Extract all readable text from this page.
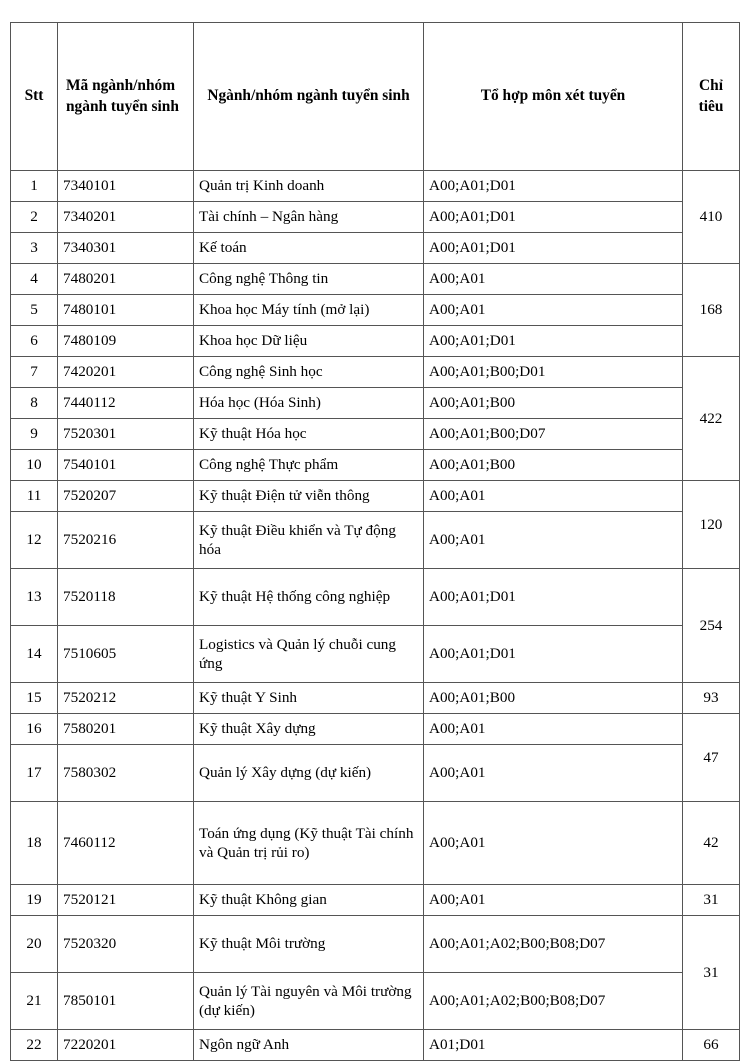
Stt	Mã ngành/nhóm ngành tuyển sinh	Ngành/nhóm ngành tuyển sinh	Tổ hợp môn xét tuyển	Chỉ tiêu
1	7340101	Quản trị Kinh doanh	A00;A01;D01	410
2	7340201	Tài chính – Ngân hàng	A00;A01;D01	
3	7340301	Kế toán	A00;A01;D01	
4	7480201	Công nghệ Thông tin	A00;A01	168
5	7480101	Khoa học Máy tính (mở lại)	A00;A01	
6	7480109	Khoa học Dữ liệu	A00;A01;D01	
7	7420201	Công nghệ Sinh học	A00;A01;B00;D01	422
8	7440112	Hóa học (Hóa Sinh)	A00;A01;B00	
9	7520301	Kỹ thuật Hóa học	A00;A01;B00;D07	
10	7540101	Công nghệ Thực phẩm	A00;A01;B00	
11	7520207	Kỹ thuật Điện tử viễn thông	A00;A01	120
12	7520216	Kỹ thuật Điều khiển và Tự động hóa	A00;A01	
13	7520118	Kỹ thuật Hệ thống công nghiệp	A00;A01;D01	254
14	7510605	Logistics và Quản lý chuỗi cung ứng	A00;A01;D01	
15	7520212	Kỹ thuật Y Sinh	A00;A01;B00	93
16	7580201	Kỹ thuật Xây dựng	A00;A01	47
17	7580302	Quản lý Xây dựng (dự kiến)	A00;A01	
18	7460112	Toán ứng dụng (Kỹ thuật Tài chính và Quản trị rủi ro)	A00;A01	42
19	7520121	Kỹ thuật Không gian	A00;A01	31
20	7520320	Kỹ thuật Môi trường	A00;A01;A02;B00;B08;D07	31
21	7850101	Quản lý Tài nguyên và Môi trường (dự kiến)	A00;A01;A02;B00;B08;D07	
22	7220201	Ngôn ngữ Anh	A01;D01	66
